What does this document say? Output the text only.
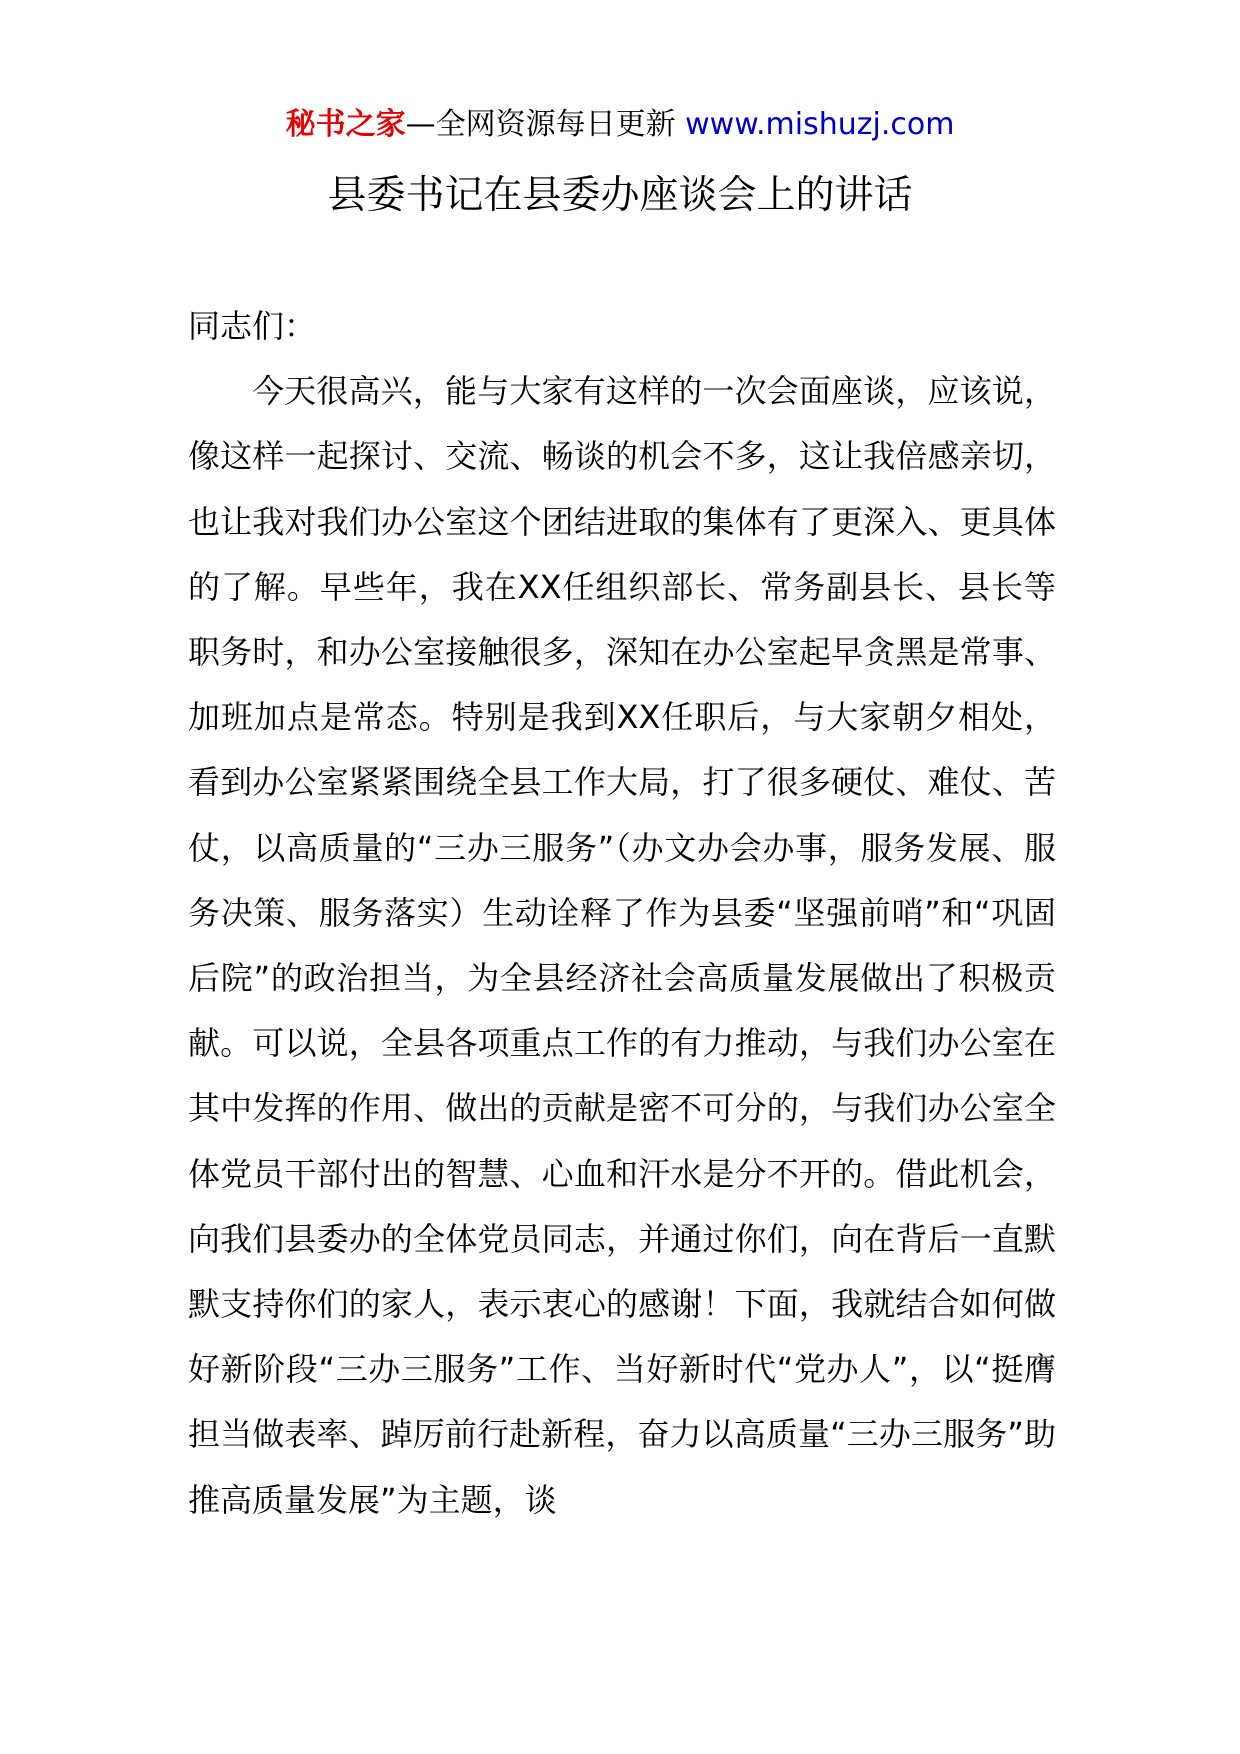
秘书之家—全网资源每日更新 www.mishuzj.com
县委书记在县委办座谈会上的讲话

同志们：

今天很高兴，能与大家有这样的一次会面座谈，应该说，像这样一起探讨、交流、畅谈的机会不多，这让我倍感亲切，也让我对我们办公室这个团结进取的集体有了更深入、更具体的了解。早些年，我在XX任组织部长、常务副县长、县长等职务时，和办公室接触很多，深知在办公室起早贪黑是常事、加班加点是常态。特别是我到XX任职后，与大家朝夕相处，看到办公室紧紧围绕全县工作大局，打了很多硬仗、难仗、苦仗，以高质量的“三办三服务”（办文办会办事，服务发展、服务决策、服务落实）生动诠释了作为县委“坚强前哨”和“巩固后院”的政治担当，为全县经济社会高质量发展做出了积极贡献。可以说，全县各项重点工作的有力推动，与我们办公室在其中发挥的作用、做出的贡献是密不可分的，与我们办公室全体党员干部付出的智慧、心血和汗水是分不开的。借此机会，向我们县委办的全体党员同志，并通过你们，向在背后一直默默支持你们的家人，表示衷心的感谢！下面，我就结合如何做好新阶段“三办三服务”工作、当好新时代“党办人”，以“挺膺担当做表率、踔厉前行赴新程，奋力以高质量“三办三服务”助推高质量发展”为主题，谈
